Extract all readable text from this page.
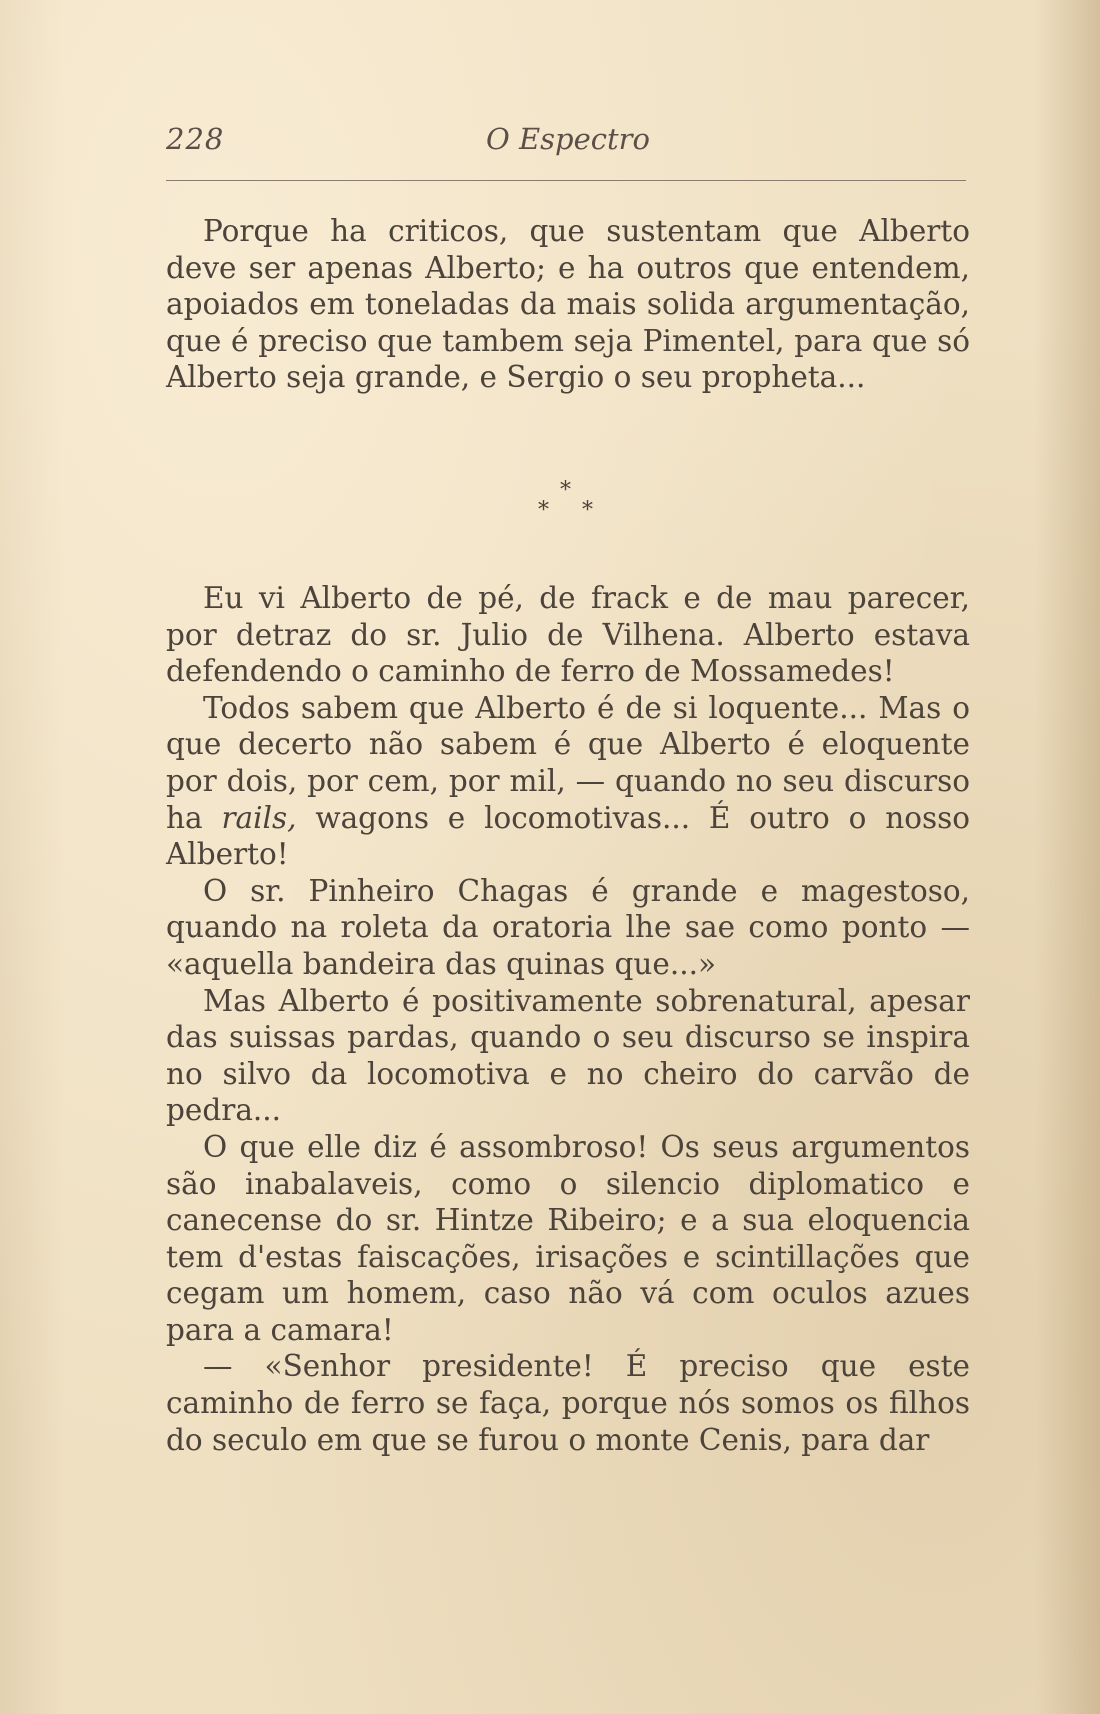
228	O Espectro

Porque ha criticos, que sustentam que Alberto deve ser apenas Alberto; e ha outros que entendem, apoiados em toneladas da mais solida argumentação, que é preciso que tambem seja Pimentel, para que só Alberto seja grande, e Sergio o seu propheta...

*
* *

Eu vi Alberto de pé, de frack e de mau parecer, por detraz do sr. Julio de Vilhena. Alberto estava defendendo o caminho de ferro de Mossamedes!

Todos sabem que Alberto é de si loquente... Mas o que decerto não sabem é que Alberto é eloquente por dois, por cem, por mil, — quando no seu discurso ha rails, wagons e locomotivas... É outro o nosso Alberto!

O sr. Pinheiro Chagas é grande e magestoso, quando na roleta da oratoria lhe sae como ponto — «aquella bandeira das quinas que...»

Mas Alberto é positivamente sobrenatural, apesar das suissas pardas, quando o seu discurso se inspira no silvo da locomotiva e no cheiro do carvão de pedra...

O que elle diz é assombroso! Os seus argumentos são inabalaveis, como o silencio diplomatico e canecense do sr. Hintze Ribeiro; e a sua eloquencia tem d'estas faiscações, irisações e scintillações que cegam um homem, caso não vá com oculos azues para a camara!

— «Senhor presidente! É preciso que este caminho de ferro se faça, porque nós somos os filhos do seculo em que se furou o monte Cenis, para dar
